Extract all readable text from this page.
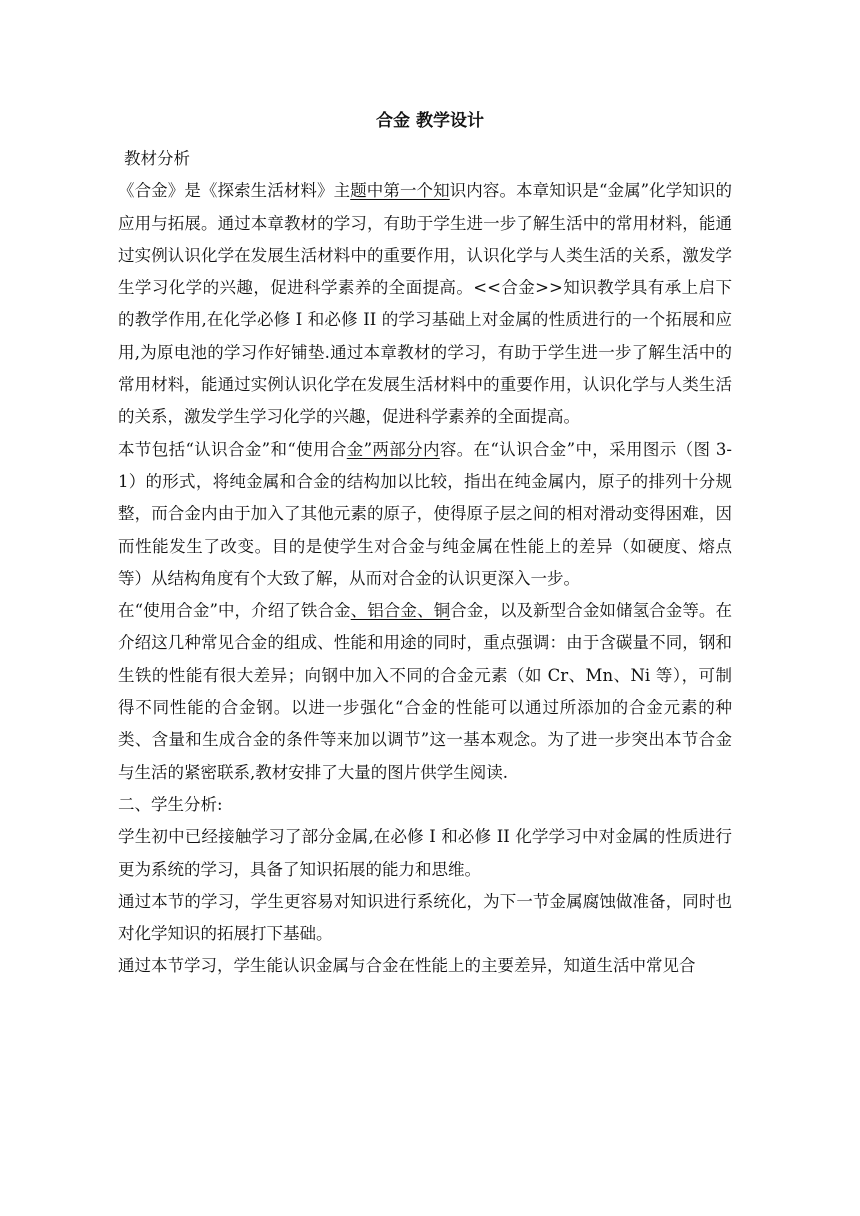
合金 教学设计

教材分析

《合金》是《探索生活材料》主题中第一个知识内容。本章知识是“金属”化学知识的应用与拓展。通过本章教材的学习，有助于学生进一步了解生活中的常用材料，能通过实例认识化学在发展生活材料中的重要作用，认识化学与人类生活的关系，激发学生学习化学的兴趣，促进科学素养的全面提高。<<合金>>知识教学具有承上启下的教学作用,在化学必修 I 和必修 II 的学习基础上对金属的性质进行的一个拓展和应用,为原电池的学习作好铺垫.通过本章教材的学习，有助于学生进一步了解生活中的常用材料，能通过实例认识化学在发展生活材料中的重要作用，认识化学与人类生活的关系，激发学生学习化学的兴趣，促进科学素养的全面提高。

本节包括“认识合金”和“使用合金”两部分内容。在“认识合金”中，采用图示（图 3-1）的形式，将纯金属和合金的结构加以比较，指出在纯金属内，原子的排列十分规整，而合金内由于加入了其他元素的原子，使得原子层之间的相对滑动变得困难，因而性能发生了改变。目的是使学生对合金与纯金属在性能上的差异（如硬度、熔点等）从结构角度有个大致了解，从而对合金的认识更深入一步。

在“使用合金”中，介绍了铁合金、铝合金、铜合金，以及新型合金如储氢合金等。在介绍这几种常见合金的组成、性能和用途的同时，重点强调：由于含碳量不同，钢和生铁的性能有很大差异；向钢中加入不同的合金元素（如 Cr、Mn、Ni 等），可制得不同性能的合金钢。以进一步强化“合金的性能可以通过所添加的合金元素的种类、含量和生成合金的条件等来加以调节”这一基本观念。为了进一步突出本节合金与生活的紧密联系,教材安排了大量的图片供学生阅读.

二、学生分析:

学生初中已经接触学习了部分金属,在必修 I 和必修 II 化学学习中对金属的性质进行更为系统的学习，具备了知识拓展的能力和思维。

通过本节的学习，学生更容易对知识进行系统化，为下一节金属腐蚀做准备，同时也对化学知识的拓展打下基础。

通过本节学习，学生能认识金属与合金在性能上的主要差异，知道生活中常见合
